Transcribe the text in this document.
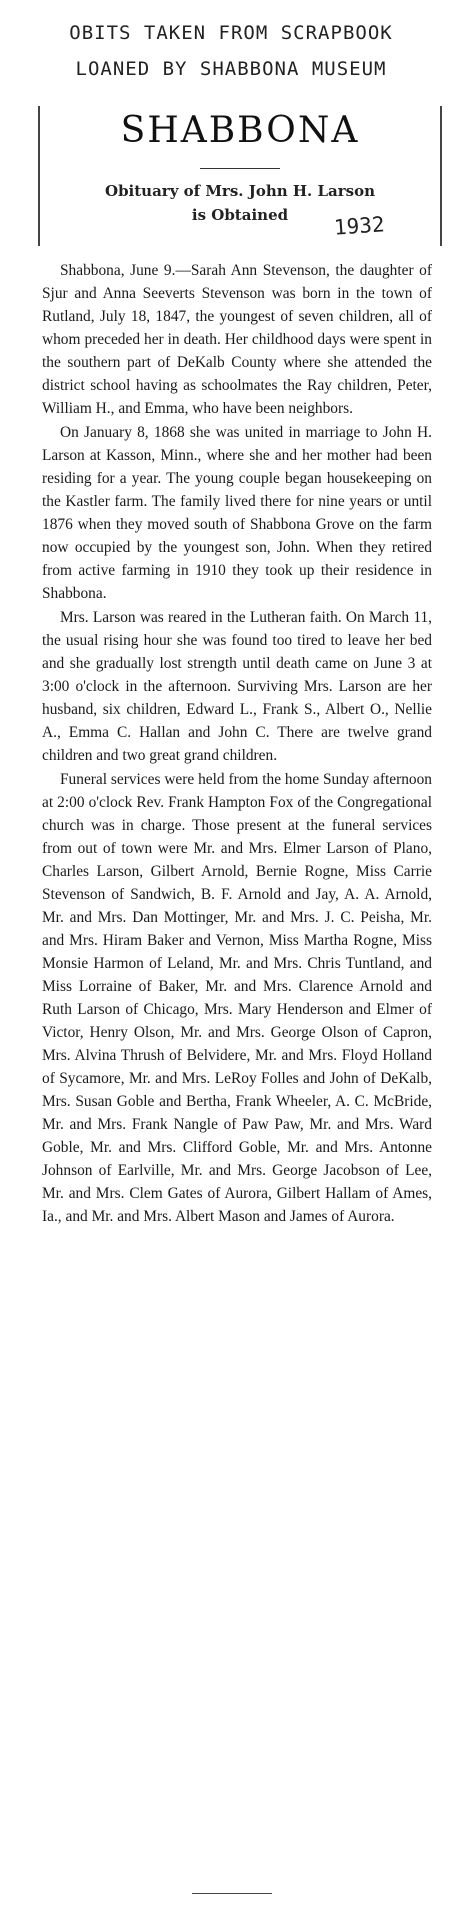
OBITS TAKEN FROM SCRAPBOOK
LOANED BY SHABBONA MUSEUM
SHABBONA
Obituary of Mrs. John H. Larson
is Obtained	1932

Shabbona, June 9.—Sarah Ann Stevenson, the daughter of Sjur and Anna Seeverts Stevenson was born in the town of Rutland, July 18, 1847, the youngest of seven children, all of whom preceded her in death. Her childhood days were spent in the southern part of DeKalb County where she attended the district school having as schoolmates the Ray children, Peter, William H., and Emma, who have been neighbors.

On January 8, 1868 she was united in marriage to John H. Larson at Kasson, Minn., where she and her mother had been residing for a year. The young couple began housekeeping on the Kastler farm. The family lived there for nine years or until 1876 when they moved south of Shabbona Grove on the farm now occupied by the youngest son, John. When they retired from active farming in 1910 they took up their residence in Shabbona.

Mrs. Larson was reared in the Lutheran faith. On March 11, the usual rising hour she was found too tired to leave her bed and she gradually lost strength until death came on June 3 at 3:00 o'clock in the afternoon. Surviving Mrs. Larson are her husband, six children, Edward L., Frank S., Albert O., Nellie A., Emma C. Hallan and John C. There are twelve grand children and two great grand children.

Funeral services were held from the home Sunday afternoon at 2:00 o'clock Rev. Frank Hampton Fox of the Congregational church was in charge. Those present at the funeral services from out of town were Mr. and Mrs. Elmer Larson of Plano, Charles Larson, Gilbert Arnold, Bernie Rogne, Miss Carrie Stevenson of Sandwich, B. F. Arnold and Jay, A. A. Arnold, Mr. and Mrs. Dan Mottinger, Mr. and Mrs. J. C. Peisha, Mr. and Mrs. Hiram Baker and Vernon, Miss Martha Rogne, Miss Monsie Harmon of Leland, Mr. and Mrs. Chris Tuntland, and Miss Lorraine of Baker, Mr. and Mrs. Clarence Arnold and Ruth Larson of Chicago, Mrs. Mary Henderson and Elmer of Victor, Henry Olson, Mr. and Mrs. George Olson of Capron, Mrs. Alvina Thrush of Belvidere, Mr. and Mrs. Floyd Holland of Sycamore, Mr. and Mrs. LeRoy Folles and John of DeKalb, Mrs. Susan Goble and Bertha, Frank Wheeler, A. C. McBride, Mr. and Mrs. Frank Nangle of Paw Paw, Mr. and Mrs. Ward Goble, Mr. and Mrs. Clifford Goble, Mr. and Mrs. Antonne Johnson of Earlville, Mr. and Mrs. George Jacobson of Lee, Mr. and Mrs. Clem Gates of Aurora, Gilbert Hallam of Ames, Ia., and Mr. and Mrs. Albert Mason and James of Aurora.
